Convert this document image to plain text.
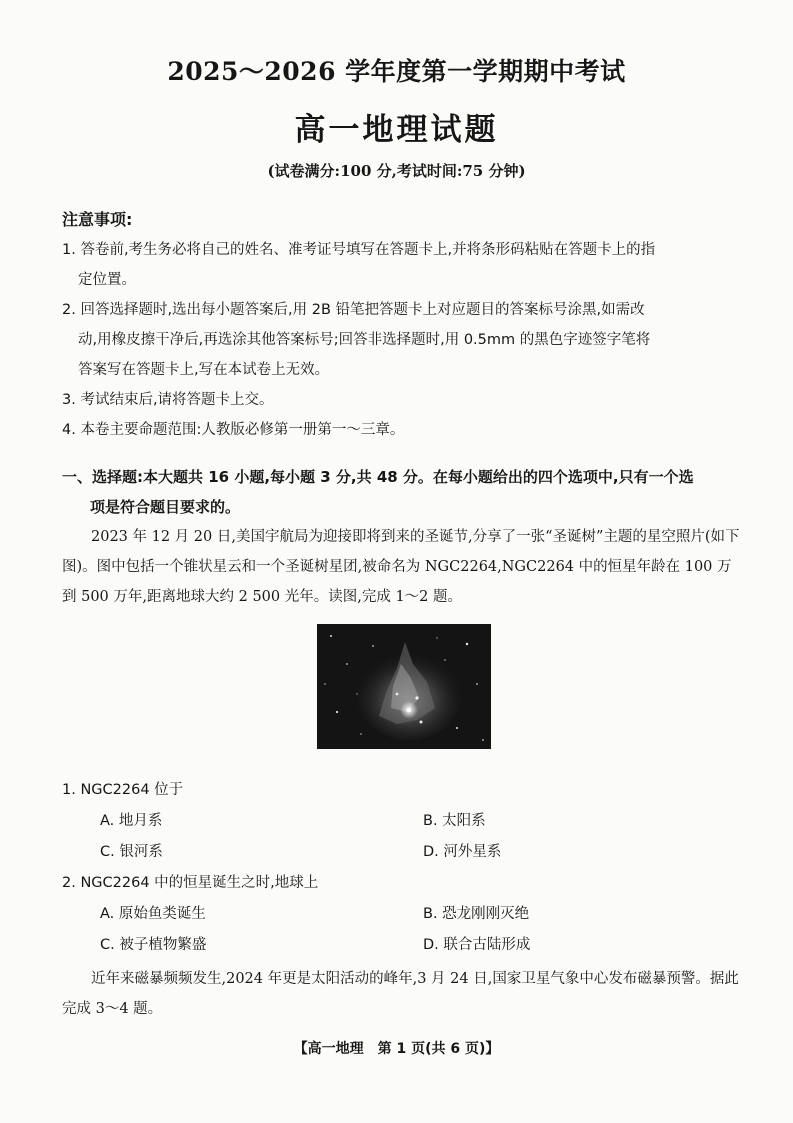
2025～2026 学年度第一学期期中考试
高一地理试题
(试卷满分:100 分,考试时间:75 分钟)
注意事项:
1. 答卷前,考生务必将自己的姓名、准考证号填写在答题卡上,并将条形码粘贴在答题卡上的指
定位置。
2. 回答选择题时,选出每小题答案后,用 2B 铅笔把答题卡上对应题目的答案标号涂黑,如需改
动,用橡皮擦干净后,再选涂其他答案标号;回答非选择题时,用 0.5mm 的黑色字迹签字笔将
答案写在答题卡上,写在本试卷上无效。
3. 考试结束后,请将答题卡上交。
4. 本卷主要命题范围:人教版必修第一册第一～三章。
一、选择题:本大题共 16 小题,每小题 3 分,共 48 分。在每小题给出的四个选项中,只有一个选
项是符合题目要求的。
2023 年 12 月 20 日,美国宇航局为迎接即将到来的圣诞节,分享了一张“圣诞树”主题的星空照片(如下图)。图中包括一个锥状星云和一个圣诞树星团,被命名为 NGC2264,NGC2264 中的恒星年龄在 100 万到 500 万年,距离地球大约 2 500 光年。读图,完成 1～2 题。
1. NGC2264 位于
A. 地月系	B. 太阳系
C. 银河系	D. 河外星系
2. NGC2264 中的恒星诞生之时,地球上
A. 原始鱼类诞生	B. 恐龙刚刚灭绝
C. 被子植物繁盛	D. 联合古陆形成
近年来磁暴频频发生,2024 年更是太阳活动的峰年,3 月 24 日,国家卫星气象中心发布磁暴预警。据此完成 3～4 题。
【高一地理　第 1 页(共 6 页)】
